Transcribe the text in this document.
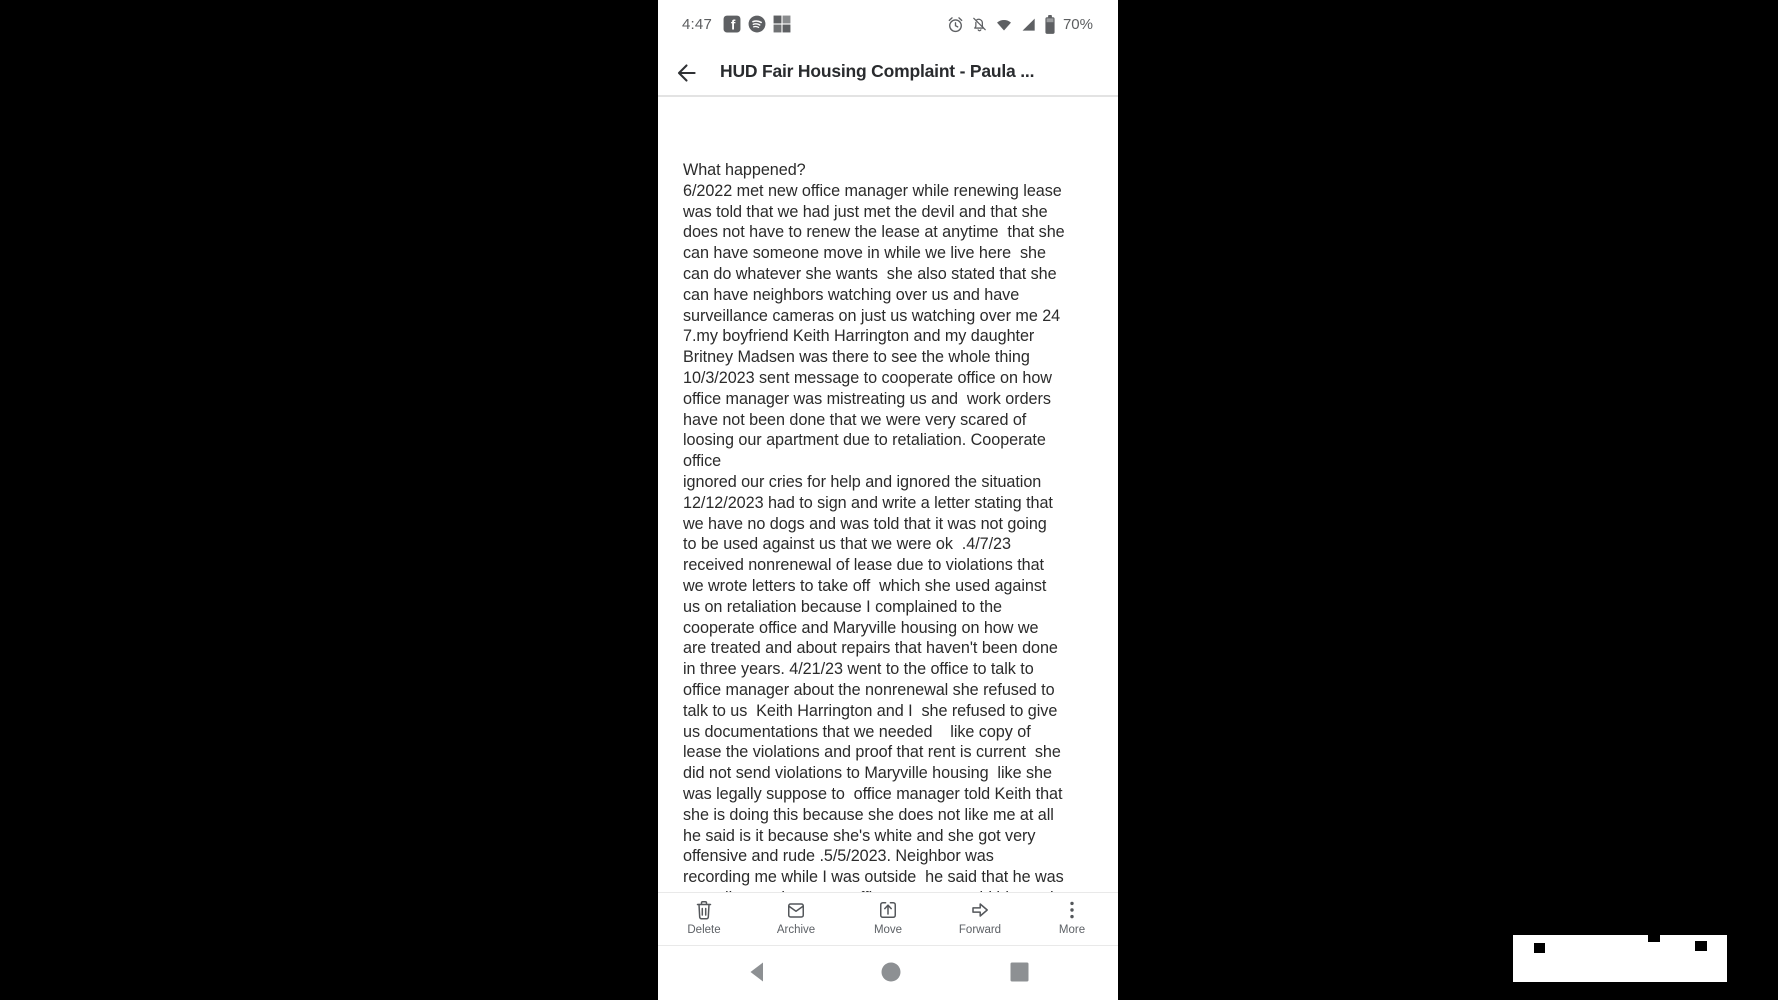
4:47 f	70%
HUD Fair Housing Complaint - Paula ...
What happened?
6/2022 met new office manager while renewing lease
was told that we had just met the devil and that she
does not have to renew the lease at anytime  that she
can have someone move in while we live here  she
can do whatever she wants  she also stated that she
can have neighbors watching over us and have
surveillance cameras on just us watching over me 24
7.my boyfriend Keith Harrington and my daughter
Britney Madsen was there to see the whole thing
10/3/2023 sent message to cooperate office on how
office manager was mistreating us and  work orders
have not been done that we were very scared of
loosing our apartment due to retaliation. Cooperate
office
ignored our cries for help and ignored the situation
12/12/2023 had to sign and write a letter stating that
we have no dogs and was told that it was not going
to be used against us that we were ok  .4/7/23
received nonrenewal of lease due to violations that
we wrote letters to take off  which she used against
us on retaliation because I complained to the
cooperate office and Maryville housing on how we
are treated and about repairs that haven't been done
in three years. 4/21/23 went to the office to talk to
office manager about the nonrenewal she refused to
talk to us  Keith Harrington and I  she refused to give
us documentations that we needed    like copy of
lease the violations and proof that rent is current  she
did not send violations to Maryville housing  like she
was legally suppose to  office manager told Keith that
she is doing this because she does not like me at all
he said is it because she's white and she got very
offensive and rude .5/5/2023. Neighbor was
recording me while I was outside  he said that he was
Delete	Archive	Move	Forward	More
